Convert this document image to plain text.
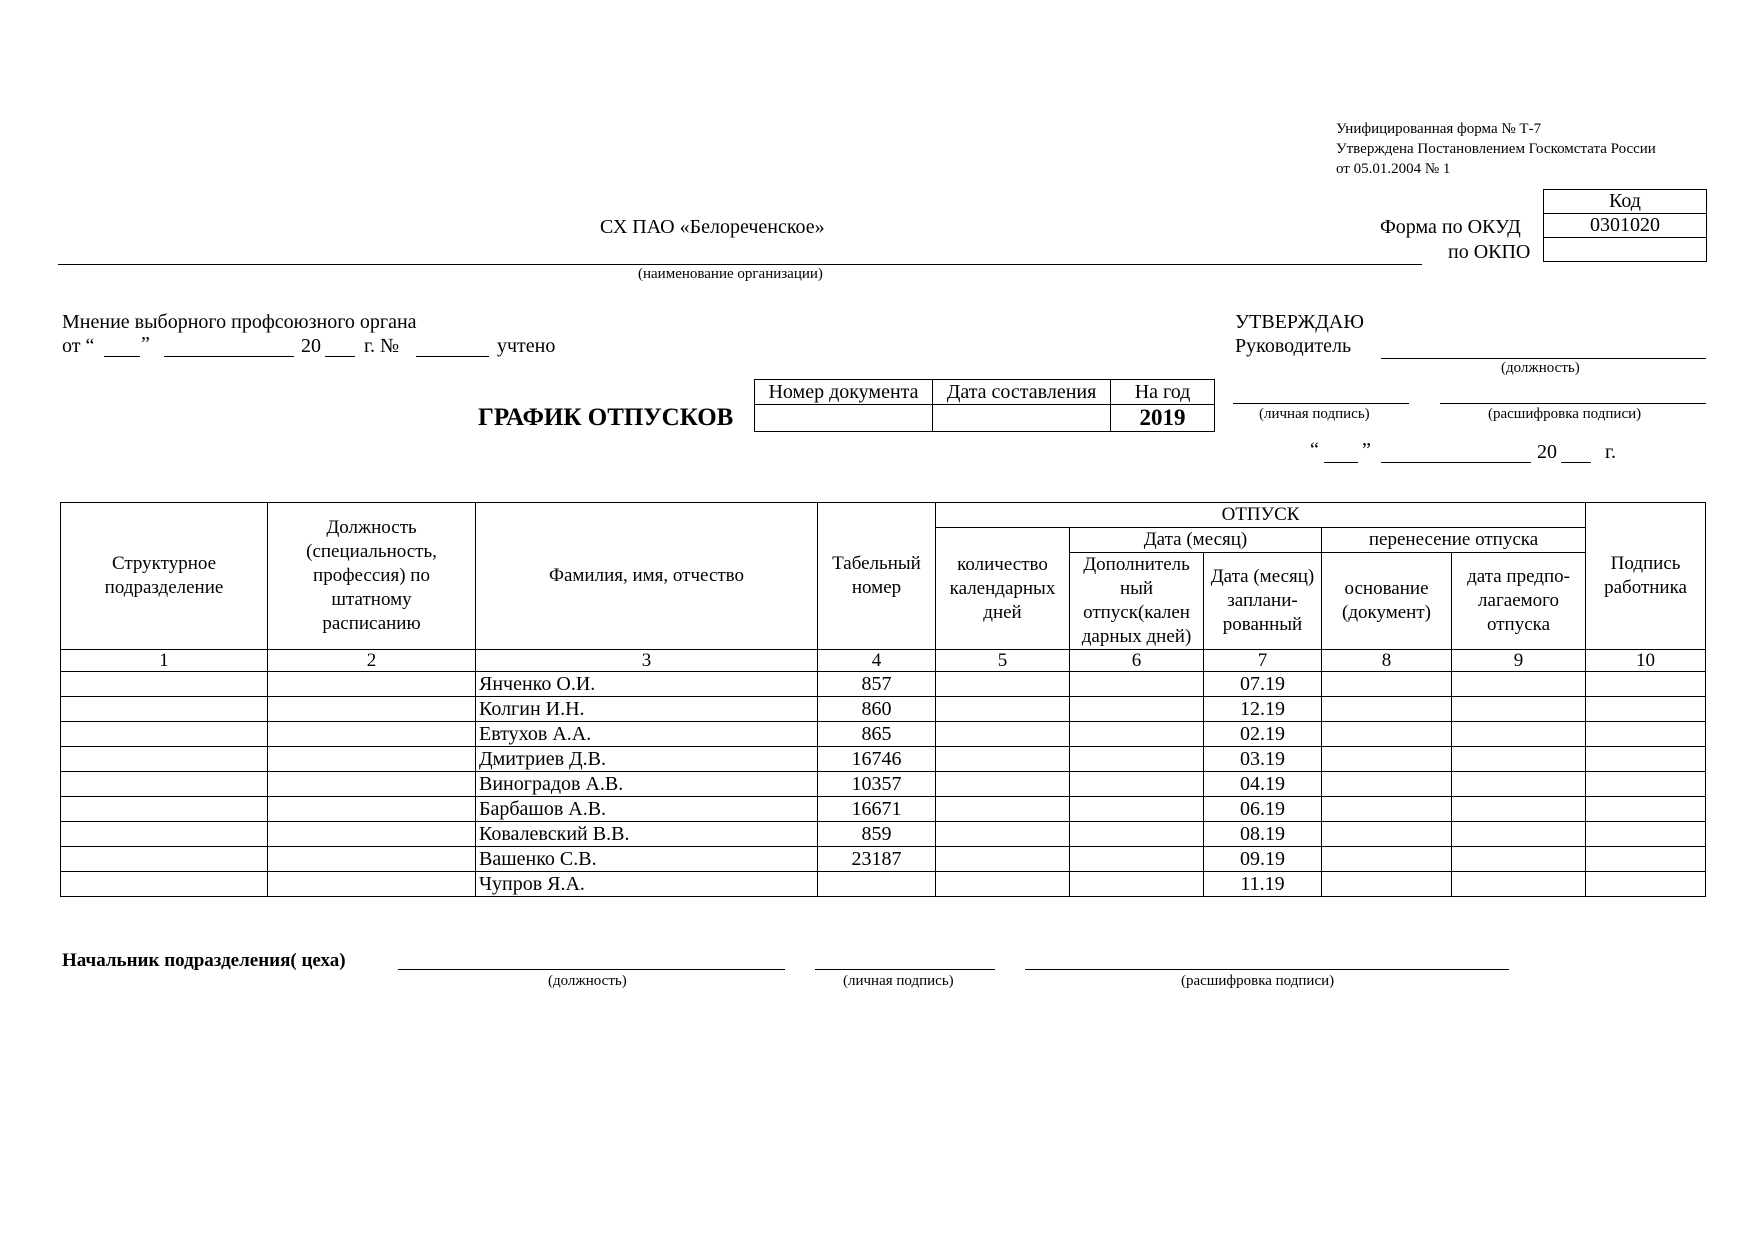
Унифицированная форма № Т-7
Утверждена Постановлением Госкомстата России
от 05.01.2004 № 1
Код
0301020

Форма по ОКУД
по ОКПО
СХ ПАО «Белореченское»
(наименование организации)
Мнение выборного профсоюзного органа
от “ ”	20 г. №	учтено
УТВЕРЖДАЮ
Руководитель
(должность)
(личная подпись)	(расшифровка подписи)
“ ”	20 г.
ГРАФИК ОТПУСКОВ
Номер документа	Дата составления	На год
		2019
Структурное подразделение	Должность (специальность, профессия) по штатному расписанию	Фамилия, имя, отчество	Табельный номер	ОТПУСК					Подпись работника
				количество календарных дней	Дата (месяц)		перенесение отпуска		
					Дополнитель ный отпуск(кален дарных дней)	Дата (месяц) заплани-рованный	основание (документ)	дата предпо-лагаемого отпуска	
1	2	3	4	5	6	7	8	9	10
		Янченко О.И.	857			07.19			
		Колгин И.Н.	860			12.19			
		Евтухов А.А.	865			02.19			
		Дмитриев Д.В.	16746			03.19			
		Виноградов А.В.	10357			04.19			
		Барбашов А.В.	16671			06.19			
		Ковалевский В.В.	859			08.19			
		Вашенко С.В.	23187			09.19			
		Чупров Я.А.				11.19			
Начальник подразделения( цеха)
(должность)	(личная подпись)	(расшифровка подписи)
